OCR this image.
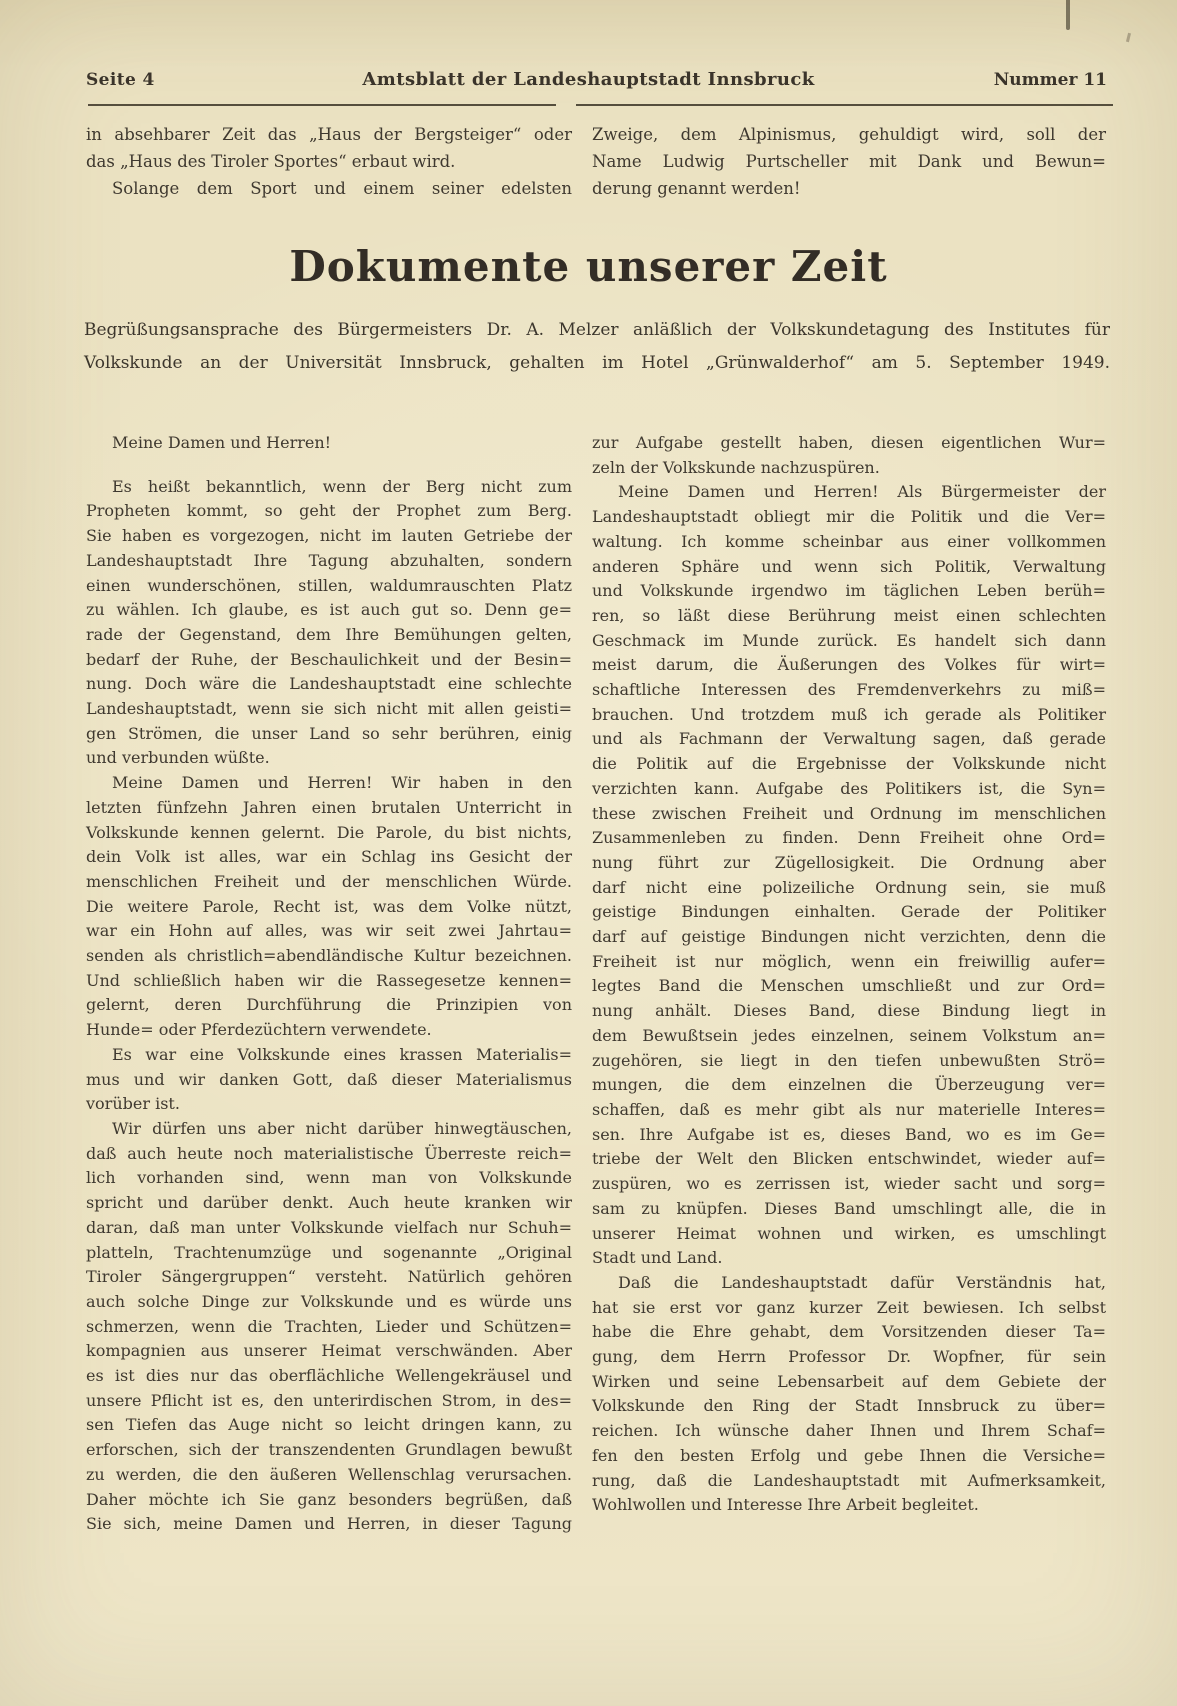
Seite 4	Amtsblatt der Landeshauptstadt Innsbruck	Nummer 11
in absehbarer Zeit das „Haus der Bergsteiger“ oder
das „Haus des Tiroler Sportes“ erbaut wird.
Solange dem Sport und einem seiner edelsten
Zweige, dem Alpinismus, gehuldigt wird, soll der
Name Ludwig Purtscheller mit Dank und Bewun=
derung genannt werden!
Dokumente unserer Zeit
Begrüßungsansprache des Bürgermeisters Dr. A. Melzer anläßlich der Volkskundetagung des Institutes für
Volkskunde an der Universität Innsbruck, gehalten im Hotel „Grünwalderhof“ am 5. September 1949.
Meine Damen und Herren!
Es heißt bekanntlich, wenn der Berg nicht zum
Propheten kommt, so geht der Prophet zum Berg.
Sie haben es vorgezogen, nicht im lauten Getriebe der
Landeshauptstadt Ihre Tagung abzuhalten, sondern
einen wunderschönen, stillen, waldumrauschten Platz
zu wählen. Ich glaube, es ist auch gut so. Denn ge=
rade der Gegenstand, dem Ihre Bemühungen gelten,
bedarf der Ruhe, der Beschaulichkeit und der Besin=
nung. Doch wäre die Landeshauptstadt eine schlechte
Landeshauptstadt, wenn sie sich nicht mit allen geisti=
gen Strömen, die unser Land so sehr berühren, einig
und verbunden wüßte.
Meine Damen und Herren! Wir haben in den
letzten fünfzehn Jahren einen brutalen Unterricht in
Volkskunde kennen gelernt. Die Parole, du bist nichts,
dein Volk ist alles, war ein Schlag ins Gesicht der
menschlichen Freiheit und der menschlichen Würde.
Die weitere Parole, Recht ist, was dem Volke nützt,
war ein Hohn auf alles, was wir seit zwei Jahrtau=
senden als christlich=abendländische Kultur bezeichnen.
Und schließlich haben wir die Rassegesetze kennen=
gelernt, deren Durchführung die Prinzipien von
Hunde= oder Pferdezüchtern verwendete.
Es war eine Volkskunde eines krassen Materialis=
mus und wir danken Gott, daß dieser Materialismus
vorüber ist.
Wir dürfen uns aber nicht darüber hinwegtäuschen,
daß auch heute noch materialistische Überreste reich=
lich vorhanden sind, wenn man von Volkskunde
spricht und darüber denkt. Auch heute kranken wir
daran, daß man unter Volkskunde vielfach nur Schuh=
platteln, Trachtenumzüge und sogenannte „Original
Tiroler Sängergruppen“ versteht. Natürlich gehören
auch solche Dinge zur Volkskunde und es würde uns
schmerzen, wenn die Trachten, Lieder und Schützen=
kompagnien aus unserer Heimat verschwänden. Aber
es ist dies nur das oberflächliche Wellengekräusel und
unsere Pflicht ist es, den unterirdischen Strom, in des=
sen Tiefen das Auge nicht so leicht dringen kann, zu
erforschen, sich der transzendenten Grundlagen bewußt
zu werden, die den äußeren Wellenschlag verursachen.
Daher möchte ich Sie ganz besonders begrüßen, daß
Sie sich, meine Damen und Herren, in dieser Tagung
zur Aufgabe gestellt haben, diesen eigentlichen Wur=
zeln der Volkskunde nachzuspüren.
Meine Damen und Herren! Als Bürgermeister der
Landeshauptstadt obliegt mir die Politik und die Ver=
waltung. Ich komme scheinbar aus einer vollkommen
anderen Sphäre und wenn sich Politik, Verwaltung
und Volkskunde irgendwo im täglichen Leben berüh=
ren, so läßt diese Berührung meist einen schlechten
Geschmack im Munde zurück. Es handelt sich dann
meist darum, die Äußerungen des Volkes für wirt=
schaftliche Interessen des Fremdenverkehrs zu miß=
brauchen. Und trotzdem muß ich gerade als Politiker
und als Fachmann der Verwaltung sagen, daß gerade
die Politik auf die Ergebnisse der Volkskunde nicht
verzichten kann. Aufgabe des Politikers ist, die Syn=
these zwischen Freiheit und Ordnung im menschlichen
Zusammenleben zu finden. Denn Freiheit ohne Ord=
nung führt zur Zügellosigkeit. Die Ordnung aber
darf nicht eine polizeiliche Ordnung sein, sie muß
geistige Bindungen einhalten. Gerade der Politiker
darf auf geistige Bindungen nicht verzichten, denn die
Freiheit ist nur möglich, wenn ein freiwillig aufer=
legtes Band die Menschen umschließt und zur Ord=
nung anhält. Dieses Band, diese Bindung liegt in
dem Bewußtsein jedes einzelnen, seinem Volkstum an=
zugehören, sie liegt in den tiefen unbewußten Strö=
mungen, die dem einzelnen die Überzeugung ver=
schaffen, daß es mehr gibt als nur materielle Interes=
sen. Ihre Aufgabe ist es, dieses Band, wo es im Ge=
triebe der Welt den Blicken entschwindet, wieder auf=
zuspüren, wo es zerrissen ist, wieder sacht und sorg=
sam zu knüpfen. Dieses Band umschlingt alle, die in
unserer Heimat wohnen und wirken, es umschlingt
Stadt und Land.
Daß die Landeshauptstadt dafür Verständnis hat,
hat sie erst vor ganz kurzer Zeit bewiesen. Ich selbst
habe die Ehre gehabt, dem Vorsitzenden dieser Ta=
gung, dem Herrn Professor Dr. Wopfner, für sein
Wirken und seine Lebensarbeit auf dem Gebiete der
Volkskunde den Ring der Stadt Innsbruck zu über=
reichen. Ich wünsche daher Ihnen und Ihrem Schaf=
fen den besten Erfolg und gebe Ihnen die Versiche=
rung, daß die Landeshauptstadt mit Aufmerksamkeit,
Wohlwollen und Interesse Ihre Arbeit begleitet.
